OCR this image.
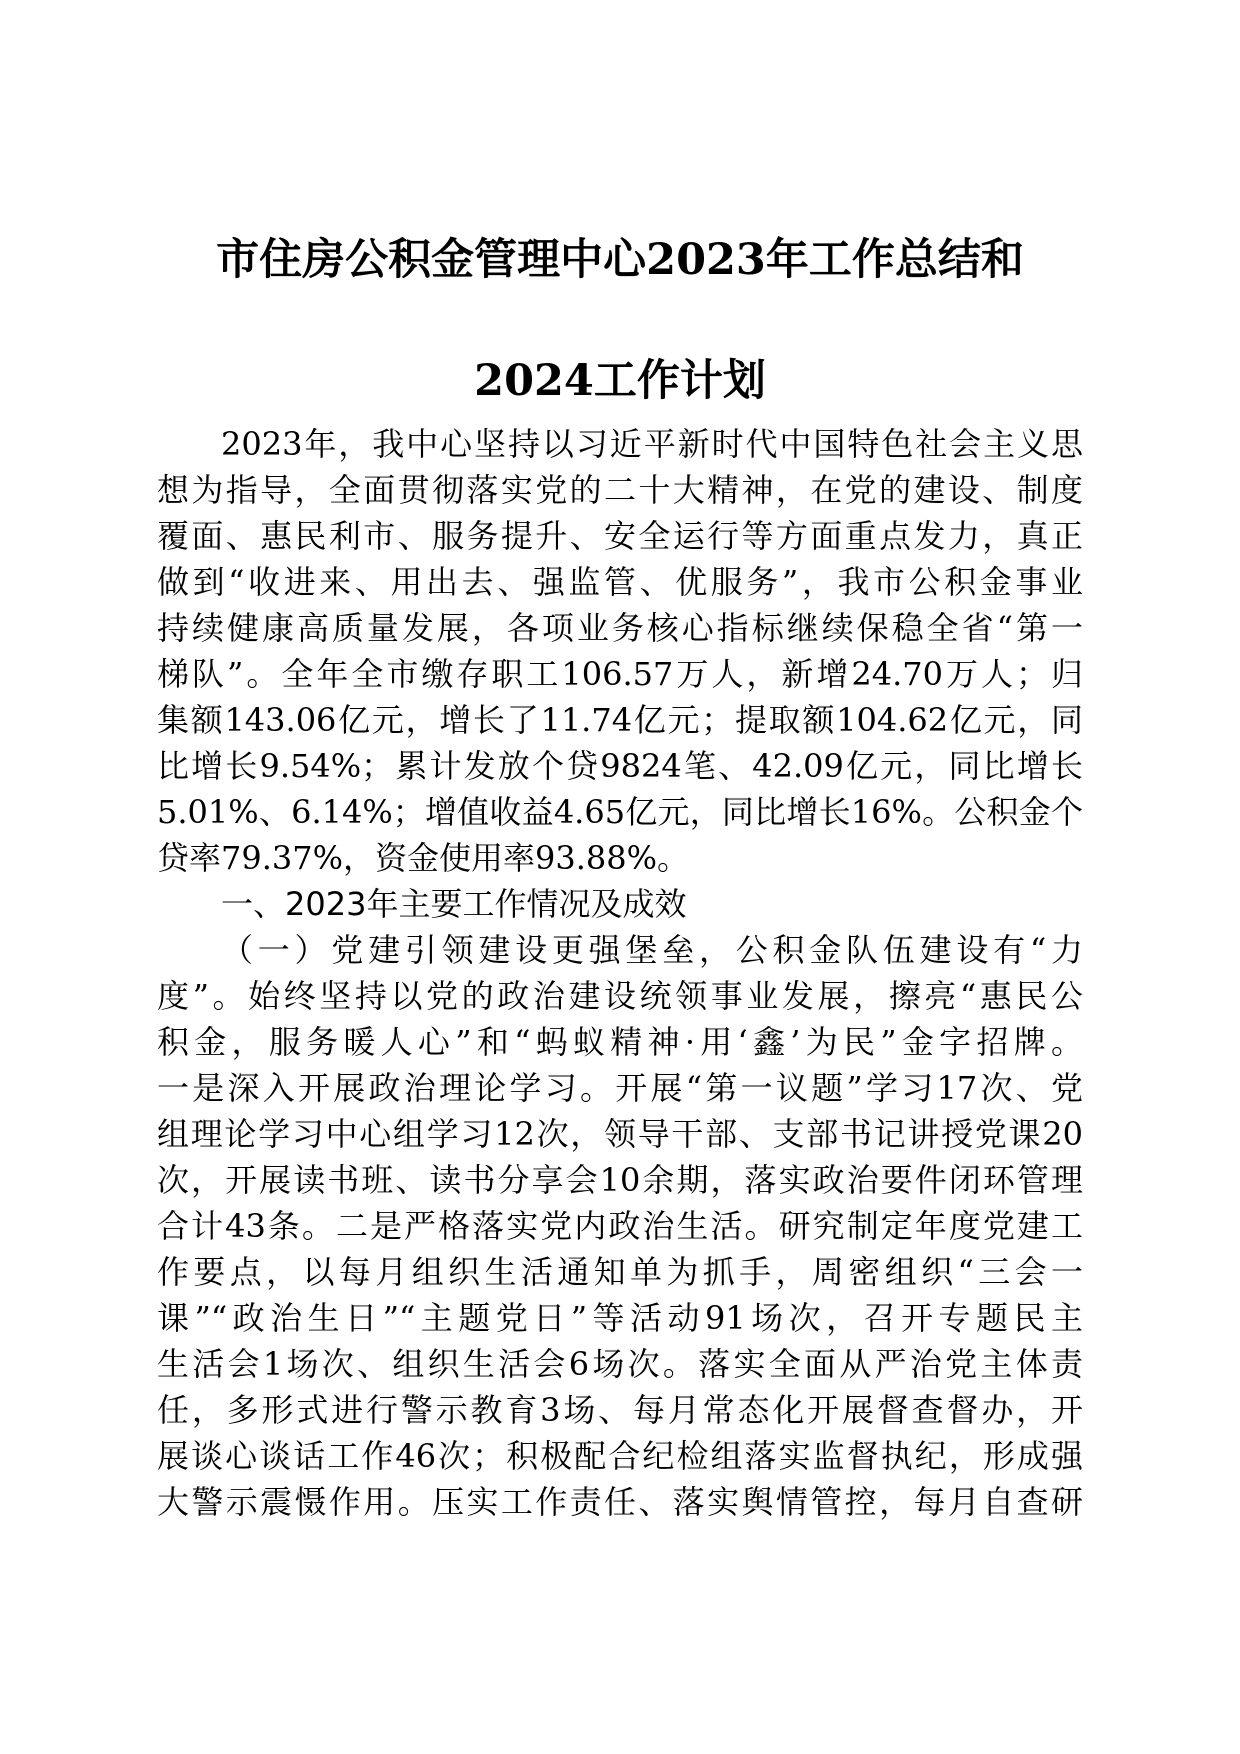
市住房公积金管理中心2023年工作总结和
2024工作计划
2023年，我中心坚持以习近平新时代中国特色社会主义思
想为指导，全面贯彻落实党的二十大精神，在党的建设、制度
覆面、惠民利市、服务提升、安全运行等方面重点发力，真正
做到“收进来、用出去、强监管、优服务”，我市公积金事业
持续健康高质量发展，各项业务核心指标继续保稳全省“第一
梯队”。全年全市缴存职工106.57万人，新增24.70万人；归
集额143.06亿元，增长了11.74亿元；提取额104.62亿元，同
比增长9.54%；累计发放个贷9824笔、42.09亿元，同比增长
5.01%、6.14%；增值收益4.65亿元，同比增长16%。公积金个
贷率79.37%，资金使用率93.88%。
一、2023年主要工作情况及成效
（一）党建引领建设更强堡垒，公积金队伍建设有“力
度”。始终坚持以党的政治建设统领事业发展，擦亮“惠民公
积金，服务暖人心”和“蚂蚁精神·用‘鑫’为民”金字招牌。
一是深入开展政治理论学习。开展“第一议题”学习17次、党
组理论学习中心组学习12次，领导干部、支部书记讲授党课20
次，开展读书班、读书分享会10余期，落实政治要件闭环管理
合计43条。二是严格落实党内政治生活。研究制定年度党建工
作要点，以每月组织生活通知单为抓手，周密组织“三会一
课”“政治生日”“主题党日”等活动91场次，召开专题民主
生活会1场次、组织生活会6场次。落实全面从严治党主体责
任，多形式进行警示教育3场、每月常态化开展督查督办，开
展谈心谈话工作46次；积极配合纪检组落实监督执纪，形成强
大警示震慑作用。压实工作责任、落实舆情管控，每月自查研
